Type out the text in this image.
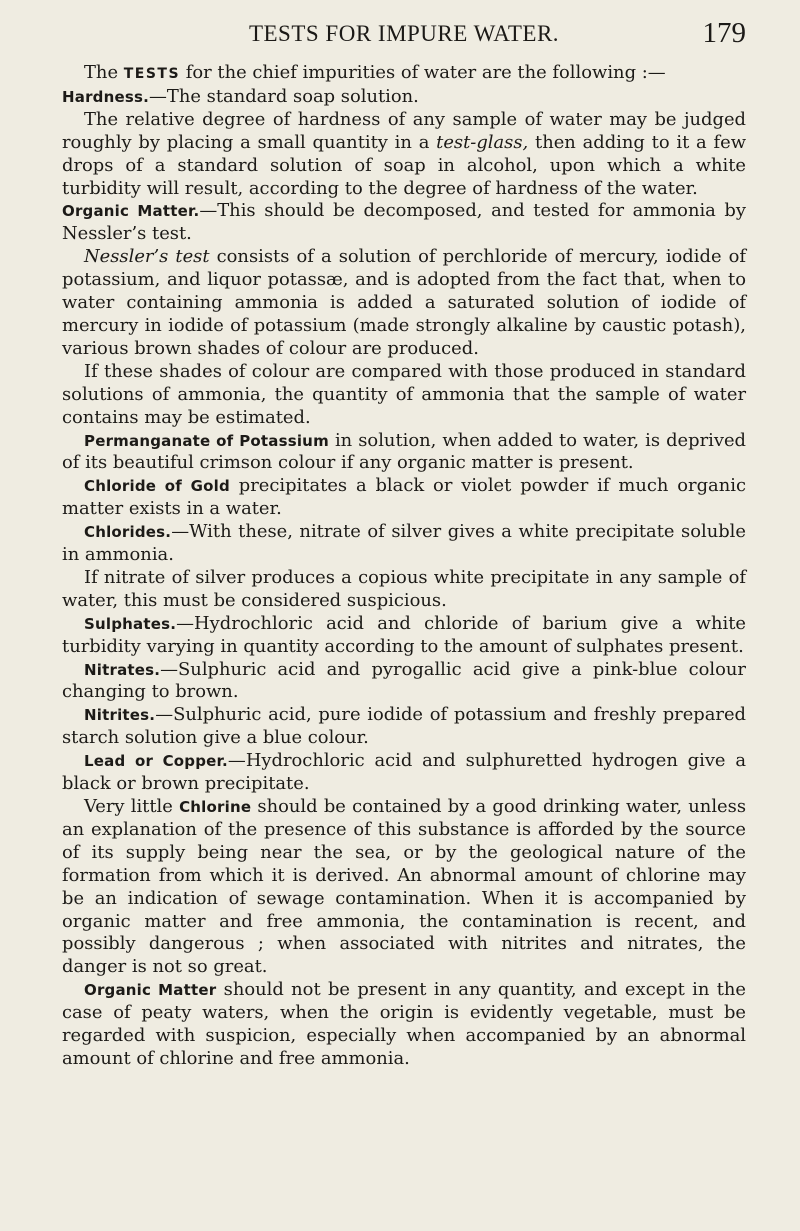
TESTS FOR IMPURE WATER.	179

The TESTS for the chief impurities of water are the following :—

Hardness.—The standard soap solution.

The relative degree of hardness of any sample of water may be judged roughly by placing a small quantity in a test-glass, then adding to it a few drops of a standard solution of soap in alcohol, upon which a white turbidity will result, according to the degree of hardness of the water.

Organic Matter.—This should be decomposed, and tested for ammonia by Nessler’s test.

Nessler’s test consists of a solution of perchloride of mercury, iodide of potassium, and liquor potassæ, and is adopted from the fact that, when to water containing ammonia is added a saturated solution of iodide of mercury in iodide of potassium (made strongly alkaline by caustic potash), various brown shades of colour are produced.

If these shades of colour are compared with those produced in standard solutions of ammonia, the quantity of ammonia that the sample of water contains may be estimated.

Permanganate of Potassium in solution, when added to water, is deprived of its beautiful crimson colour if any organic matter is present.

Chloride of Gold precipitates a black or violet powder if much organic matter exists in a water.

Chlorides.—With these, nitrate of silver gives a white precipitate soluble in ammonia.

If nitrate of silver produces a copious white precipitate in any sample of water, this must be considered suspicious.

Sulphates.—Hydrochloric acid and chloride of barium give a white turbidity varying in quantity according to the amount of sulphates present.

Nitrates.—Sulphuric acid and pyrogallic acid give a pink-blue colour changing to brown.

Nitrites.—Sulphuric acid, pure iodide of potassium and freshly prepared starch solution give a blue colour.

Lead or Copper.—Hydrochloric acid and sulphuretted hydrogen give a black or brown precipitate.

Very little Chlorine should be contained by a good drinking water, unless an explanation of the presence of this substance is afforded by the source of its supply being near the sea, or by the geological nature of the formation from which it is derived. An abnormal amount of chlorine may be an indication of sewage contamination. When it is accompanied by organic matter and free ammonia, the contamination is recent, and possibly dangerous ; when associated with nitrites and nitrates, the danger is not so great.

Organic Matter should not be present in any quantity, and except in the case of peaty waters, when the origin is evidently vegetable, must be regarded with suspicion, especially when accompanied by an abnormal amount of chlorine and free ammonia.
